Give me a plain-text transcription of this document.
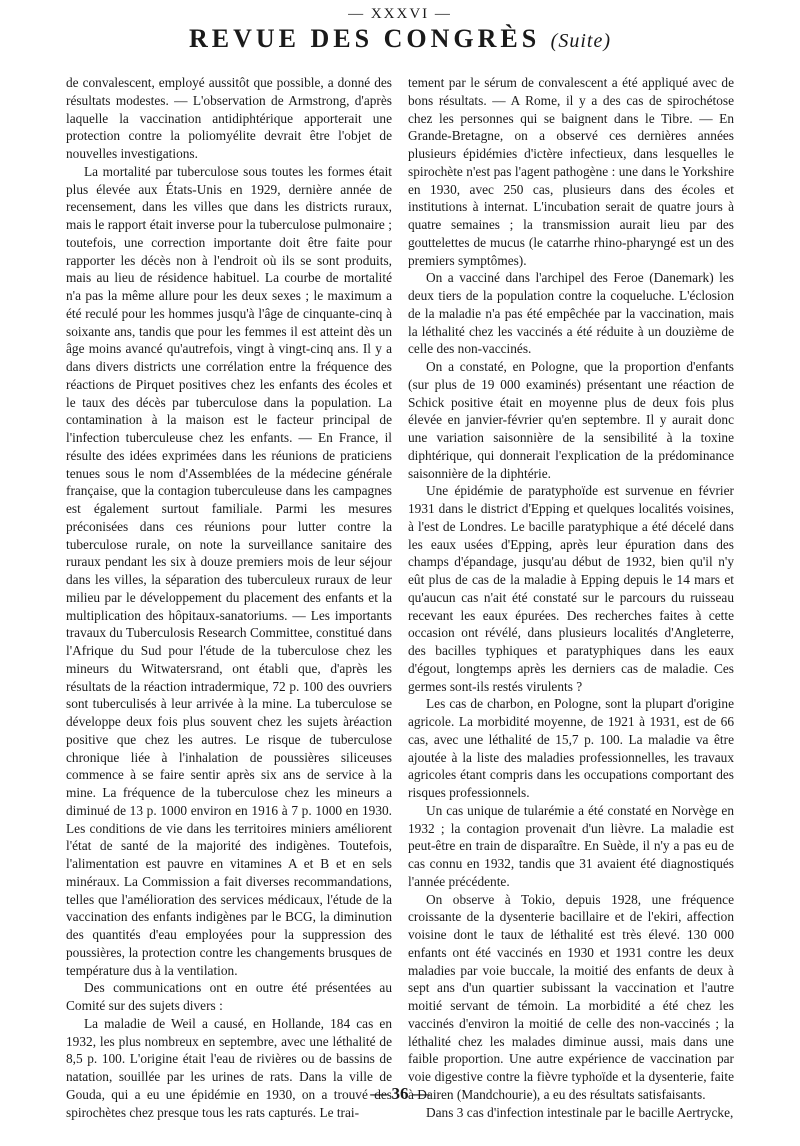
— XXXVI —
REVUE DES CONGRÈS (Suite)

de convalescent, employé aussitôt que possible, a donné des résultats modestes. — L'observation de Armstrong, d'après laquelle la vaccination antidiphtérique apporterait une protection contre la poliomyélite devrait être l'objet de nouvelles investigations.

La mortalité par tuberculose sous toutes les formes était plus élevée aux États-Unis en 1929, dernière année de recensement, dans les villes que dans les districts ruraux, mais le rapport était inverse pour la tuberculose pulmonaire ; toutefois, une correction importante doit être faite pour rapporter les décès non à l'endroit où ils se sont produits, mais au lieu de résidence habituel. La courbe de mortalité n'a pas la même allure pour les deux sexes ; le maximum a été reculé pour les hommes jusqu'à l'âge de cinquante-cinq à soixante ans, tandis que pour les femmes il est atteint dès un âge moins avancé qu'autrefois, vingt à vingt-cinq ans. Il y a dans divers districts une corrélation entre la fréquence des réactions de Pirquet positives chez les enfants des écoles et le taux des décès par tuberculose dans la population. La contamination à la maison est le facteur principal de l'infection tuberculeuse chez les enfants. — En France, il résulte des idées exprimées dans les réunions de praticiens tenues sous le nom d'Assemblées de la médecine générale française, que la contagion tuberculeuse dans les campagnes est également surtout familiale. Parmi les mesures préconisées dans ces réunions pour lutter contre la tuberculose rurale, on note la surveillance sanitaire des ruraux pendant les six à douze premiers mois de leur séjour dans les villes, la séparation des tuberculeux ruraux de leur milieu par le développement du placement des enfants et la multiplication des hôpitaux-sanatoriums. — Les importants travaux du Tuberculosis Research Committee, constitué dans l'Afrique du Sud pour l'étude de la tuberculose chez les mineurs du Witwatersrand, ont établi que, d'après les résultats de la réaction intradermique, 72 p. 100 des ouvriers sont tuberculisés à leur arrivée à la mine. La tuberculose se développe deux fois plus souvent chez les sujets àréaction positive que chez les autres. Le risque de tuberculose chronique liée à l'inhalation de poussières siliceuses commence à se faire sentir après six ans de service à la mine. La fréquence de la tuberculose chez les mineurs a diminué de 13 p. 1000 environ en 1916 à 7 p. 1000 en 1930. Les conditions de vie dans les territoires miniers améliorent l'état de santé de la majorité des indigènes. Toutefois, l'alimentation est pauvre en vitamines A et B et en sels minéraux. La Commission a fait diverses recommandations, telles que l'amélioration des services médicaux, l'étude de la vaccination des enfants indigènes par le BCG, la diminution des quantités d'eau employées pour la suppression des poussières, la protection contre les changements brusques de température dus à la ventilation.

Des communications ont en outre été présentées au Comité sur des sujets divers :

La maladie de Weil a causé, en Hollande, 184 cas en 1932, les plus nombreux en septembre, avec une léthalité de 8,5 p. 100. L'origine était l'eau de rivières ou de bassins de natation, souillée par les urines de rats. Dans la ville de Gouda, qui a eu une épidémie en 1930, on a trouvé des spirochètes chez presque tous les rats capturés. Le trai-

tement par le sérum de convalescent a été appliqué avec de bons résultats. — A Rome, il y a des cas de spirochétose chez les personnes qui se baignent dans le Tibre. — En Grande-Bretagne, on a observé ces dernières années plusieurs épidémies d'ictère infectieux, dans lesquelles le spirochète n'est pas l'agent pathogène : une dans le Yorkshire en 1930, avec 250 cas, plusieurs dans des écoles et institutions à internat. L'incubation serait de quatre jours à quatre semaines ; la transmission aurait lieu par des gouttelettes de mucus (le catarrhe rhino-pharyngé est un des premiers symptômes).

On a vacciné dans l'archipel des Feroe (Danemark) les deux tiers de la population contre la coqueluche. L'éclosion de la maladie n'a pas été empêchée par la vaccination, mais la léthalité chez les vaccinés a été réduite à un douzième de celle des non-vaccinés.

On a constaté, en Pologne, que la proportion d'enfants (sur plus de 19 000 examinés) présentant une réaction de Schick positive était en moyenne plus de deux fois plus élevée en janvier-février qu'en septembre. Il y aurait donc une variation saisonnière de la sensibilité à la toxine diphtérique, qui donnerait l'explication de la prédominance saisonnière de la diphtérie.

Une épidémie de paratyphoïde est survenue en février 1931 dans le district d'Epping et quelques localités voisines, à l'est de Londres. Le bacille paratyphique a été décelé dans les eaux usées d'Epping, après leur épuration dans des champs d'épandage, jusqu'au début de 1932, bien qu'il n'y eût plus de cas de la maladie à Epping depuis le 14 mars et qu'aucun cas n'ait été constaté sur le parcours du ruisseau recevant les eaux épurées. Des recherches faites à cette occasion ont révélé, dans plusieurs localités d'Angleterre, des bacilles typhiques et paratyphiques dans les eaux d'égout, longtemps après les derniers cas de maladie. Ces germes sont-ils restés virulents ?

Les cas de charbon, en Pologne, sont la plupart d'origine agricole. La morbidité moyenne, de 1921 à 1931, est de 66 cas, avec une léthalité de 15,7 p. 100. La maladie va être ajoutée à la liste des maladies professionnelles, les travaux agricoles étant compris dans les occupations comportant des risques professionnels.

Un cas unique de tularémie a été constaté en Norvège en 1932 ; la contagion provenait d'un lièvre. La maladie est peut-être en train de disparaître. En Suède, il n'y a pas eu de cas connu en 1932, tandis que 31 avaient été diagnostiqués l'année précédente.

On observe à Tokio, depuis 1928, une fréquence croissante de la dysenterie bacillaire et de l'ekiri, affection voisine dont le taux de léthalité est très élevé. 130 000 enfants ont été vaccinés en 1930 et 1931 contre les deux maladies par voie buccale, la moitié des enfants de deux à sept ans d'un quartier subissant la vaccination et l'autre moitié servant de témoin. La morbidité a été chez les vaccinés d'environ la moitié de celle des non-vaccinés ; la léthalité chez les malades diminue aussi, mais dans une faible proportion. Une autre expérience de vaccination par voie digestive contre la fièvre typhoïde et la dysenterie, faite à Dairen (Mandchourie), a eu des résultats satisfaisants.

Dans 3 cas d'infection intestinale par le bacille Aertrycke,

— 36 —
